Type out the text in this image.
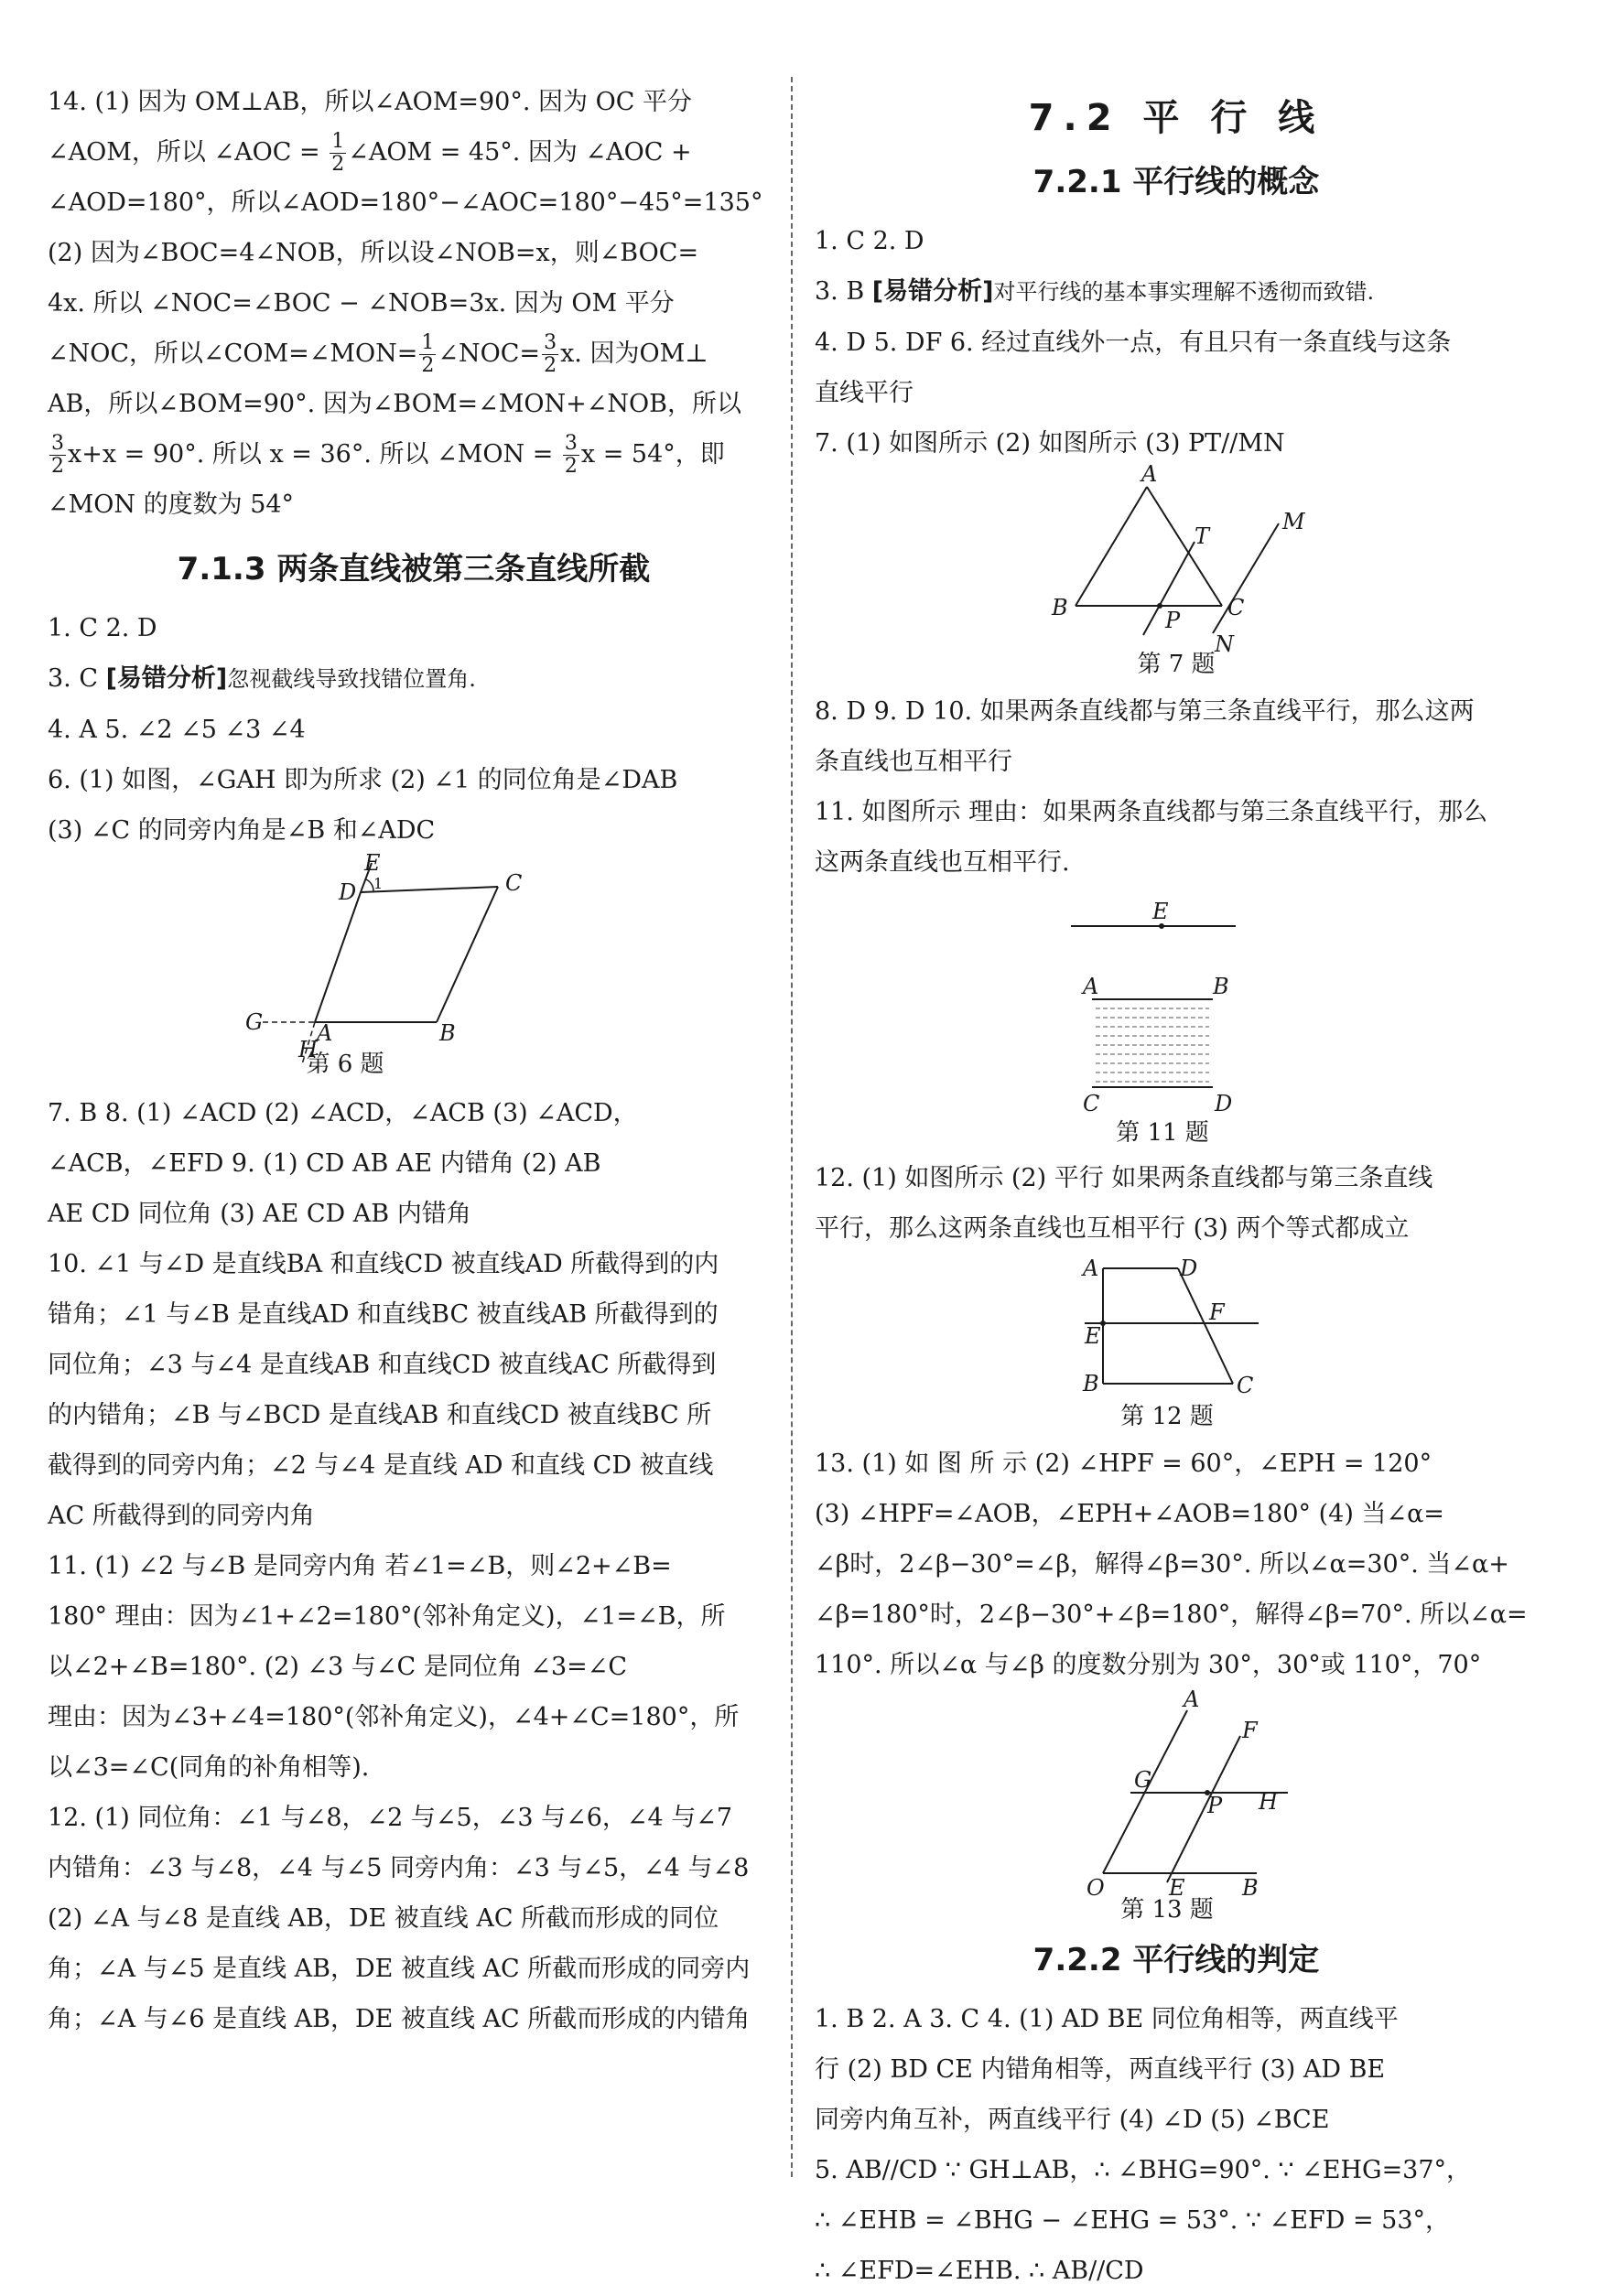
14. (1) 因为 OM⊥AB，所以∠AOM=90°. 因为 OC 平分

∠AOM，所以 ∠AOC = $\frac{1}{2}$ ∠AOM = 45°. 因为 ∠AOC +

∠AOD=180°，所以∠AOD=180°−∠AOC=180°−45°=135°

(2) 因为∠BOC=4∠NOB，所以设∠NOB=x，则∠BOC=

4x. 所以 ∠NOC=∠BOC − ∠NOB=3x. 因为 OM 平分

∠NOC，所以∠COM=∠MON= $\frac{1}{2}$ ∠NOC= $\frac{3}{2} x$. 因为OM⊥

AB，所以∠BOM=90°. 因为∠BOM=∠MON+∠NOB，所以

$\frac{3}{2} x+x = 90^\circ$. 所以 x = 36°. 所以 ∠MON = $\frac{3}{2}$ x = 54°，即

∠MON 的度数为 54°

7.1.3 两条直线被第三条直线所截

1. C 2. D

3. C [易错分析]忽视截线导致找错位置角.

4. A 5. ∠2 ∠5 ∠3 ∠4

6. (1) 如图，∠GAH 即为所求 (2) ∠1 的同位角是∠DAB

(3) ∠C 的同旁内角是∠B 和∠ADC

E
D 1	C
G A	B
H
第 6 题

7. B 8. (1) ∠ACD (2) ∠ACD，∠ACB (3) ∠ACD，

∠ACB，∠EFD 9. (1) CD AB AE 内错角 (2) AB

AE CD 同位角 (3) AE CD AB 内错角

10. ∠1 与∠D 是直线BA 和直线CD 被直线AD 所截得到的内

错角；∠1 与∠B 是直线AD 和直线BC 被直线AB 所截得到的

同位角；∠3 与∠4 是直线AB 和直线CD 被直线AC 所截得到

的内错角；∠B 与∠BCD 是直线AB 和直线CD 被直线BC 所

截得到的同旁内角；∠2 与∠4 是直线 AD 和直线 CD 被直线

AC 所截得到的同旁内角

11. (1) ∠2 与∠B 是同旁内角 若∠1=∠B，则∠2+∠B=

180° 理由：因为∠1+∠2=180°(邻补角定义)，∠1=∠B，所

以∠2+∠B=180°. (2) ∠3 与∠C 是同位角 ∠3=∠C

理由：因为∠3+∠4=180°(邻补角定义)，∠4+∠C=180°，所

以∠3=∠C(同角的补角相等).

12. (1) 同位角：∠1 与∠8，∠2 与∠5，∠3 与∠6，∠4 与∠7

内错角：∠3 与∠8，∠4 与∠5 同旁内角：∠3 与∠5，∠4 与∠8

(2) ∠A 与∠8 是直线 AB，DE 被直线 AC 所截而形成的同位

角；∠A 与∠5 是直线 AB，DE 被直线 AC 所截而形成的同旁内

角；∠A 与∠6 是直线 AB，DE 被直线 AC 所截而形成的内错角

7.2 平 行 线
7.2.1 平行线的概念

1. C 2. D

3. B [易错分析]对平行线的基本事实理解不透彻而致错.

4. D 5. DF 6. 经过直线外一点，有且只有一条直线与这条

直线平行

7. (1) 如图所示 (2) 如图所示 (3) PT//MN

A
T
M
B	P C
N
第 7 题

8. D 9. D 10. 如果两条直线都与第三条直线平行，那么这两

条直线也互相平行

11. 如图所示 理由：如果两条直线都与第三条直线平行，那么

这两条直线也互相平行.

E
A	B
C	D
第 11 题

12. (1) 如图所示 (2) 平行 如果两条直线都与第三条直线

平行，那么这两条直线也互相平行 (3) 两个等式都成立

A	D
F
E
B	C
第 12 题

13. (1) 如 图 所 示 (2) ∠HPF = 60°，∠EPH = 120°

(3) ∠HPF=∠AOB，∠EPH+∠AOB=180° (4) 当∠α=

∠β时，2∠β−30°=∠β，解得∠β=30°. 所以∠α=30°. 当∠α+

∠β=180°时，2∠β−30°+∠β=180°，解得∠β=70°. 所以∠α=

110°. 所以∠α 与∠β 的度数分别为 30°，30°或 110°，70°

A
F
G
P H
O	E	B
第 13 题
7.2.2 平行线的判定

1. B 2. A 3. C 4. (1) AD BE 同位角相等，两直线平

行 (2) BD CE 内错角相等，两直线平行 (3) AD BE

同旁内角互补，两直线平行 (4) ∠D (5) ∠BCE

5. AB//CD ∵ GH⊥AB，∴ ∠BHG=90°. ∵ ∠EHG=37°，

∴ ∠EHB = ∠BHG − ∠EHG = 53°. ∵ ∠EFD = 53°，

∴ ∠EFD=∠EHB. ∴ AB//CD
